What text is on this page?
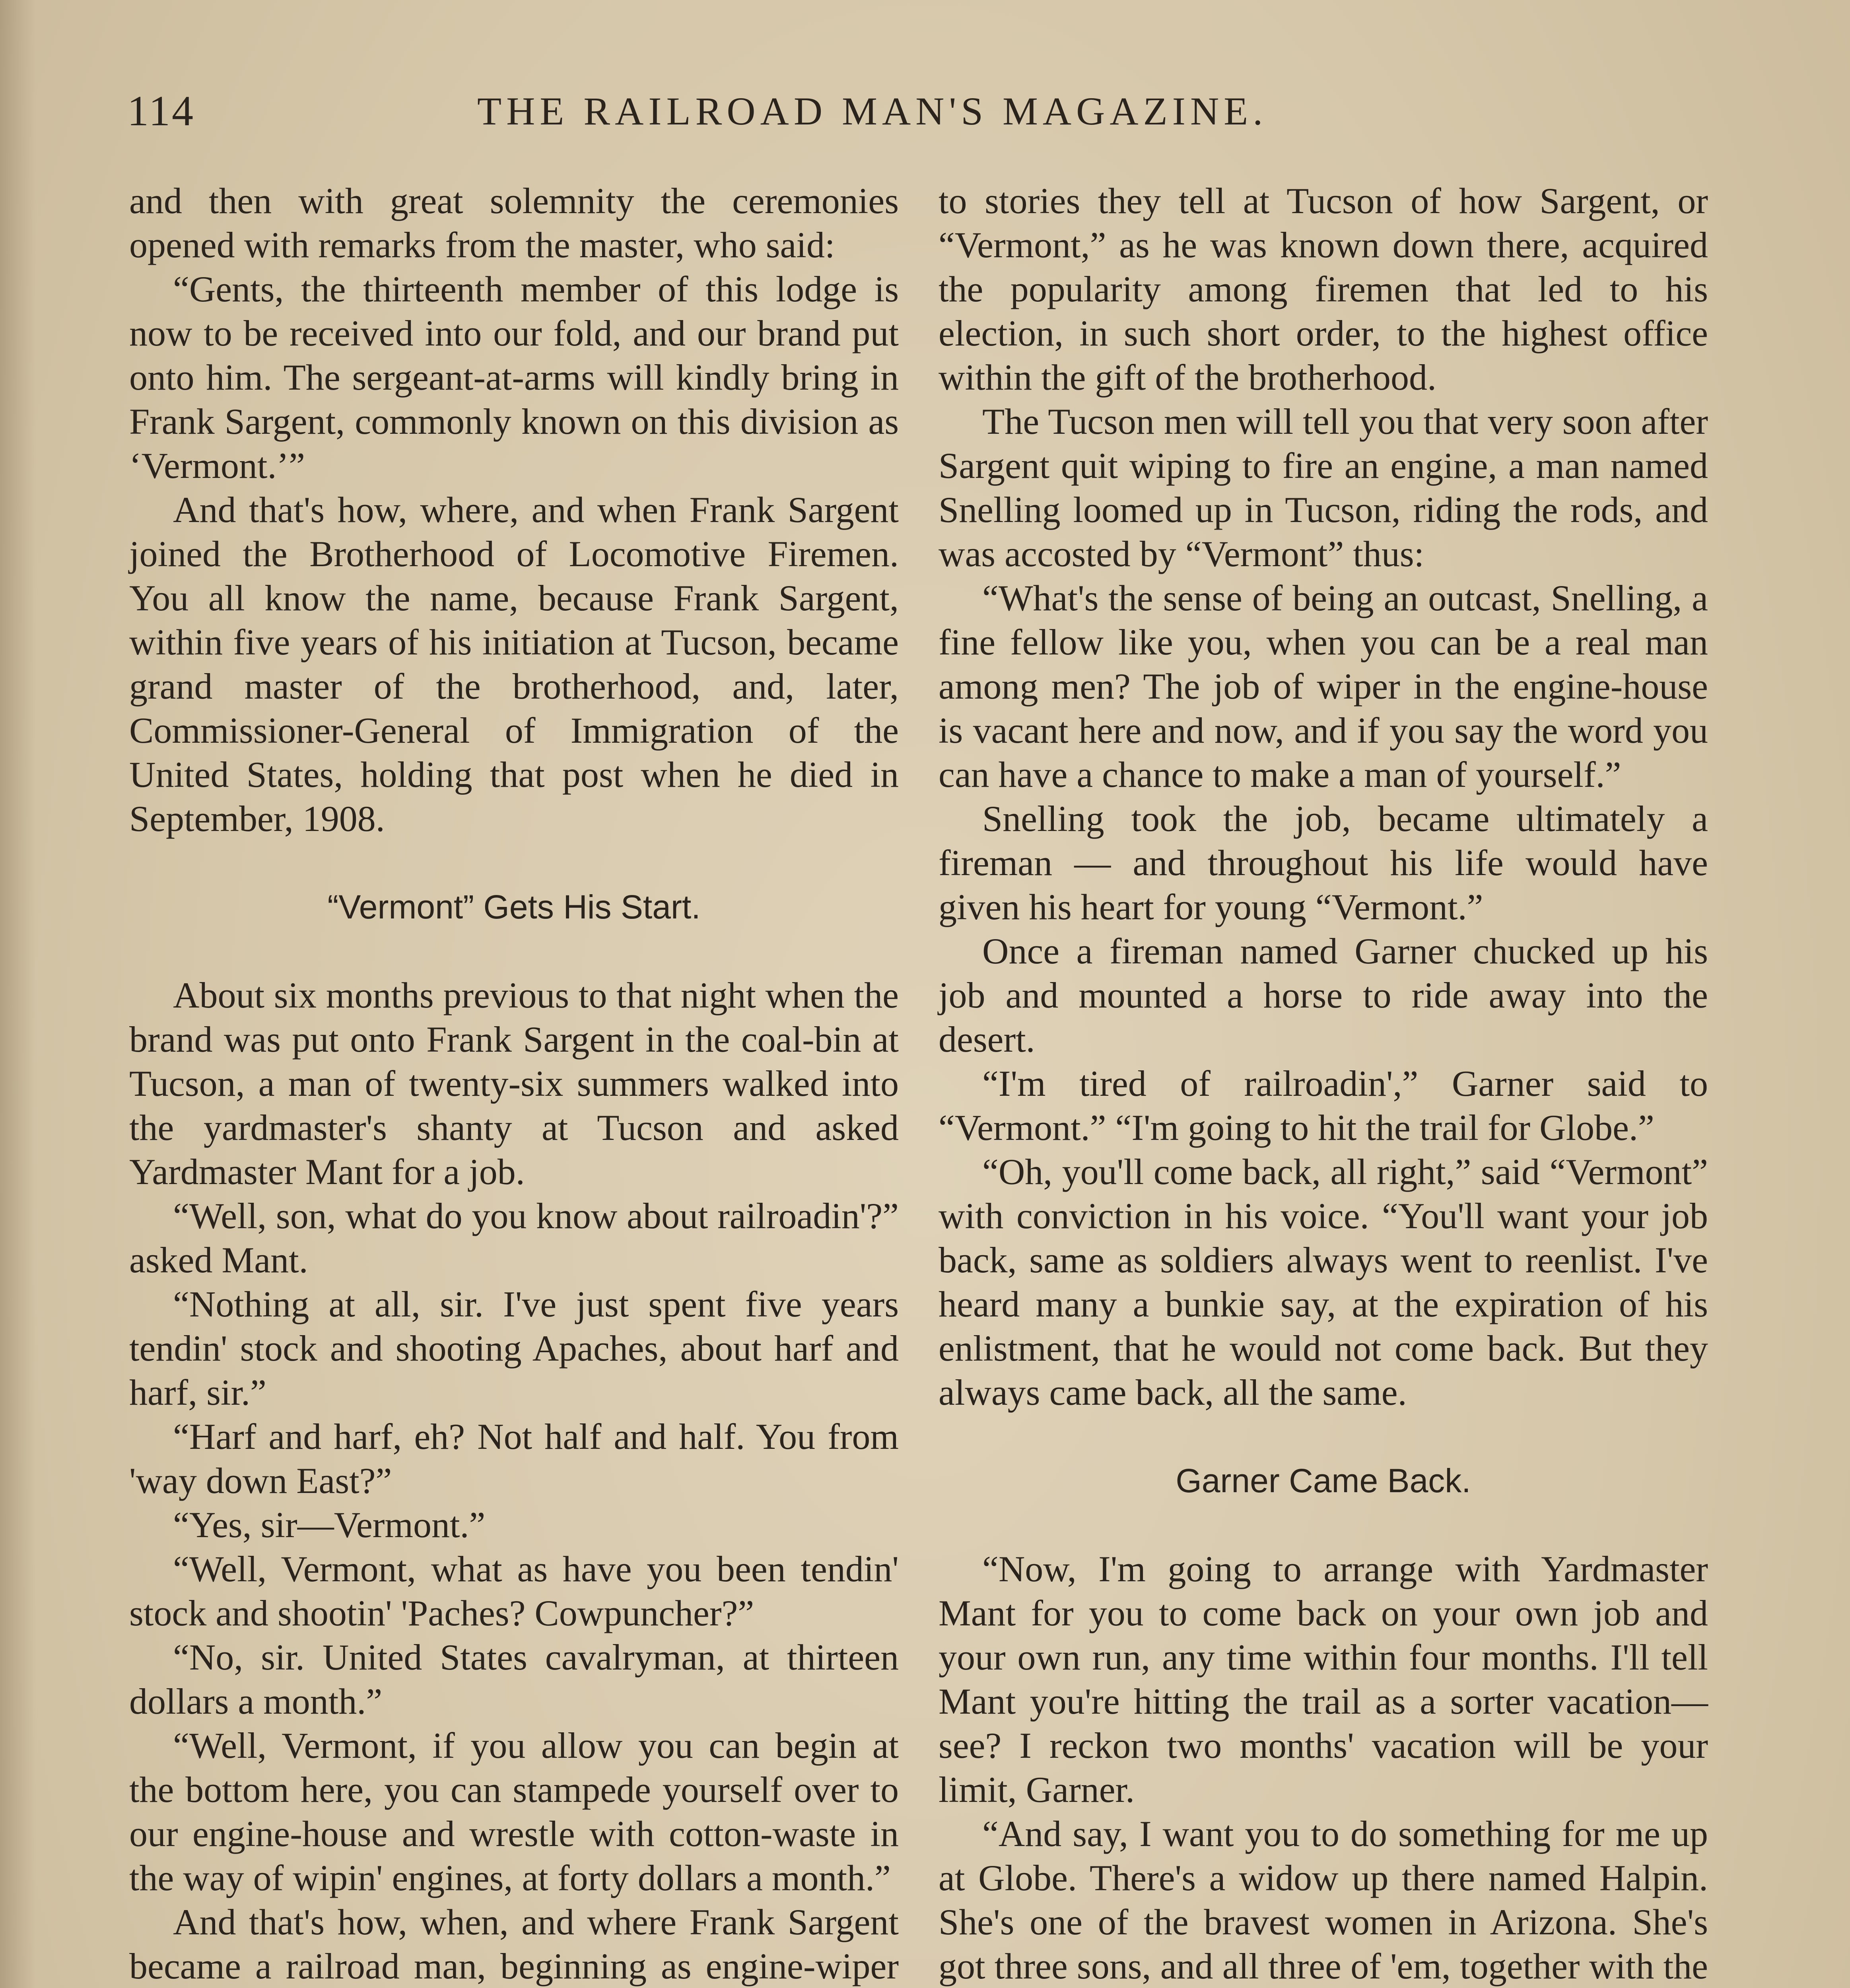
114	THE RAILROAD MAN'S MAGAZINE.

and then with great solemnity the ceremonies opened with remarks from the master, who said:

“Gents, the thirteenth member of this lodge is now to be received into our fold, and our brand put onto him. The sergeant-at-arms will kindly bring in Frank Sargent, commonly known on this division as ‘Vermont.’”

And that's how, where, and when Frank Sargent joined the Brotherhood of Locomotive Firemen. You all know the name, because Frank Sargent, within five years of his initiation at Tucson, became grand master of the brotherhood, and, later, Commissioner-General of Immigration of the United States, holding that post when he died in September, 1908.

“Vermont” Gets His Start.

About six months previous to that night when the brand was put onto Frank Sargent in the coal-bin at Tucson, a man of twenty-six summers walked into the yardmaster's shanty at Tucson and asked Yardmaster Mant for a job.

“Well, son, what do you know about railroadin'?” asked Mant.

“Nothing at all, sir. I've just spent five years tendin' stock and shooting Apaches, about harf and harf, sir.”

“Harf and harf, eh? Not half and half. You from 'way down East?”

“Yes, sir—Vermont.”

“Well, Vermont, what as have you been tendin' stock and shootin' 'Paches? Cowpuncher?”

“No, sir. United States cavalryman, at thirteen dollars a month.”

“Well, Vermont, if you allow you can begin at the bottom here, you can stampede yourself over to our engine-house and wrestle with cotton-waste in the way of wipin' engines, at forty dollars a month.”

And that's how, when, and where Frank Sargent became a railroad man, beginning as engine-wiper

to stories they tell at Tucson of how Sargent, or “Vermont,” as he was known down there, acquired the popularity among firemen that led to his election, in such short order, to the highest office within the gift of the brotherhood.

The Tucson men will tell you that very soon after Sargent quit wiping to fire an engine, a man named Snelling loomed up in Tucson, riding the rods, and was accosted by “Vermont” thus:

“What's the sense of being an outcast, Snelling, a fine fellow like you, when you can be a real man among men? The job of wiper in the engine-house is vacant here and now, and if you say the word you can have a chance to make a man of yourself.”

Snelling took the job, became ultimately a fireman — and throughout his life would have given his heart for young “Vermont.”

Once a fireman named Garner chucked up his job and mounted a horse to ride away into the desert.

“I'm tired of railroadin',” Garner said to “Vermont.” “I'm going to hit the trail for Globe.”

“Oh, you'll come back, all right,” said “Vermont” with conviction in his voice. “You'll want your job back, same as soldiers always went to reenlist. I've heard many a bunkie say, at the expiration of his enlistment, that he would not come back. But they always came back, all the same.

Garner Came Back.

“Now, I'm going to arrange with Yardmaster Mant for you to come back on your own job and your own run, any time within four months. I'll tell Mant you're hitting the trail as a sorter vacation—see? I reckon two months' vacation will be your limit, Garner.

“And say, I want you to do something for me up at Globe. There's a widow up there named Halpin. She's one of the bravest women in Arizona. She's got three sons, and all three of 'em, together with the
